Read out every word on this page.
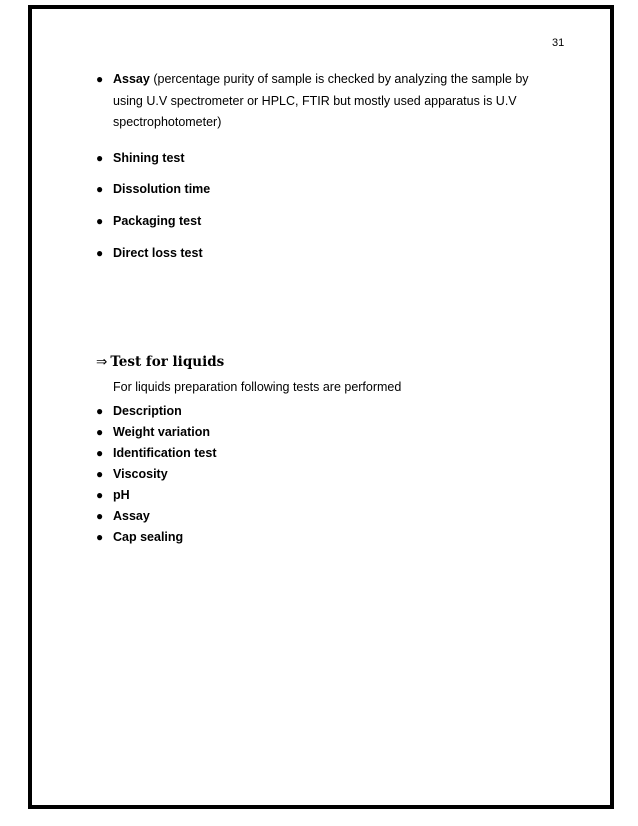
31
● Assay (percentage purity of sample is checked by analyzing the sample by
using U.V spectrometer or HPLC, FTIR but mostly used apparatus is U.V
spectrophotometer)
● Shining test
● Dissolution time
● Packaging test
● Direct loss test
⇒ Test for liquids
For liquids preparation following tests are performed
● Description
● Weight variation
● Identification test
● Viscosity
● pH
● Assay
● Cap sealing
